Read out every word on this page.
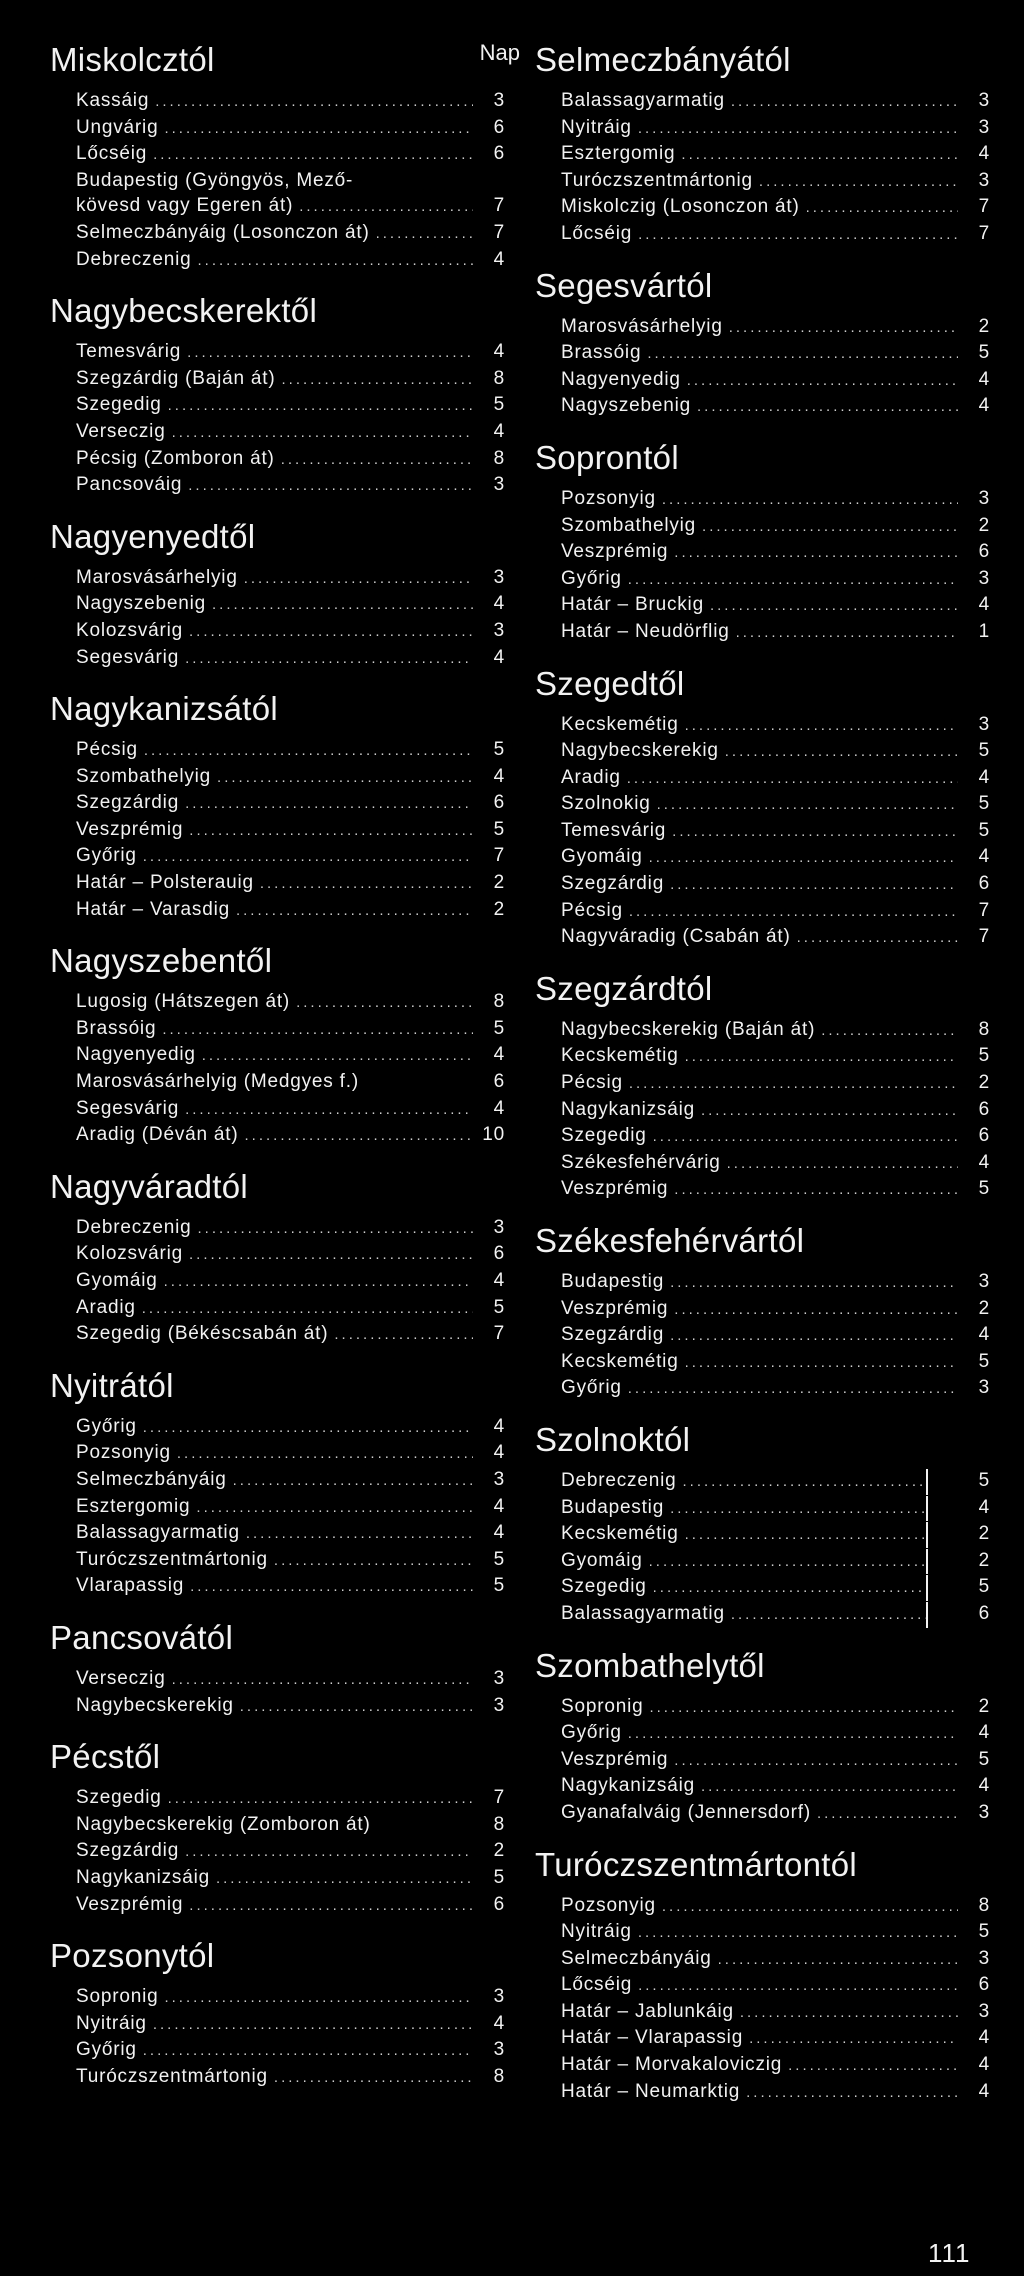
Miskolcztól	Nap
Kassáig .....	3
Ungvárig .....	6
Lőcséig .....	6
Budapestig (Gyöngyös, Mező-
kövesd vagy Egeren át) .....	7
Selmeczbányáig (Losonczon át) .....	7
Debreczenig .....	4
Nagybecskerektől
Temesvárig .....	4
Szegzárdig (Baján át) .....	8
Szegedig .....	5
Verseczig .....	4
Pécsig (Zomboron át) .....	8
Pancsováig .....	3
Nagyenyedtől
Marosvásárhelyig .....	3
Nagyszebenig .....	4
Kolozsvárig .....	3
Segesvárig .....	4
Nagykanizsától
Pécsig .....	5
Szombathelyig .....	4
Szegzárdig .....	6
Veszprémig .....	5
Győrig .....	7
Határ – Polsterauig .....	2
Határ – Varasdig .....	2
Nagyszebentől
Lugosig (Hátszegen át) .....	8
Brassóig .....	5
Nagyenyedig .....	4
Marosvásárhelyig (Medgyes f.)	6
Segesvárig .....	4
Aradig (Déván át) .....	10
Nagyváradtól
Debreczenig .....	3
Kolozsvárig .....	6
Gyomáig .....	4
Aradig .....	5
Szegedig (Békéscsabán át) .....	7
Nyitrától
Győrig .....	4
Pozsonyig .....	4
Selmeczbányáig .....	3
Esztergomig .....	4
Balassagyarmatig .....	4
Turóczszentmártonig .....	5
Vlarapassig .....	5
Pancsovától
Verseczig .....	3
Nagybecskerekig .....	3
Pécstől
Szegedig .....	7
Nagybecskerekig (Zomboron át)	8
Szegzárdig .....	2
Nagykanizsáig .....	5
Veszprémig .....	6
Pozsonytól
Sopronig .....	3
Nyitráig .....	4
Győrig .....	3
Turóczszentmártonig .....	8
Selmeczbányától
Balassagyarmatig .....	3
Nyitráig .....	3
Esztergomig .....	4
Turóczszentmártonig .....	3
Miskolczig (Losonczon át) .....	7
Lőcséig .....	7
Segesvártól
Marosvásárhelyig .....	2
Brassóig .....	5
Nagyenyedig .....	4
Nagyszebenig .....	4
Soprontól
Pozsonyig .....	3
Szombathelyig .....	2
Veszprémig .....	6
Győrig .....	3
Határ – Bruckig .....	4
Határ – Neudörflig .....	1
Szegedtől
Kecskemétig .....	3
Nagybecskerekig .....	5
Aradig .....	4
Szolnokig .....	5
Temesvárig .....	5
Gyomáig .....	4
Szegzárdig .....	6
Pécsig .....	7
Nagyváradig (Csabán át) .....	7
Szegzárdtól
Nagybecskerekig (Baján át) .....	8
Kecskemétig .....	5
Pécsig .....	2
Nagykanizsáig .....	6
Szegedig .....	6
Székesfehérvárig .....	4
Veszprémig .....	5
Székesfehérvártól
Budapestig .....	3
Veszprémig .....	2
Szegzárdig .....	4
Kecskemétig .....	5
Győrig .....	3
Szolnoktól
Debreczenig .....	5
Budapestig .....	4
Kecskemétig .....	2
Gyomáig .....	2
Szegedig .....	5
Balassagyarmatig .....	6
Szombathelytől
Sopronig .....	2
Győrig .....	4
Veszprémig .....	5
Nagykanizsáig .....	4
Gyanafalváig (Jennersdorf) .....	3
Turóczszentmártontól
Pozsonyig .....	8
Nyitráig .....	5
Selmeczbányáig .....	3
Lőcséig .....	6
Határ – Jablunkáig .....	3
Határ – Vlarapassig .....	4
Határ – Morvakaloviczig .....	4
Határ – Neumarktig .....	4
111
